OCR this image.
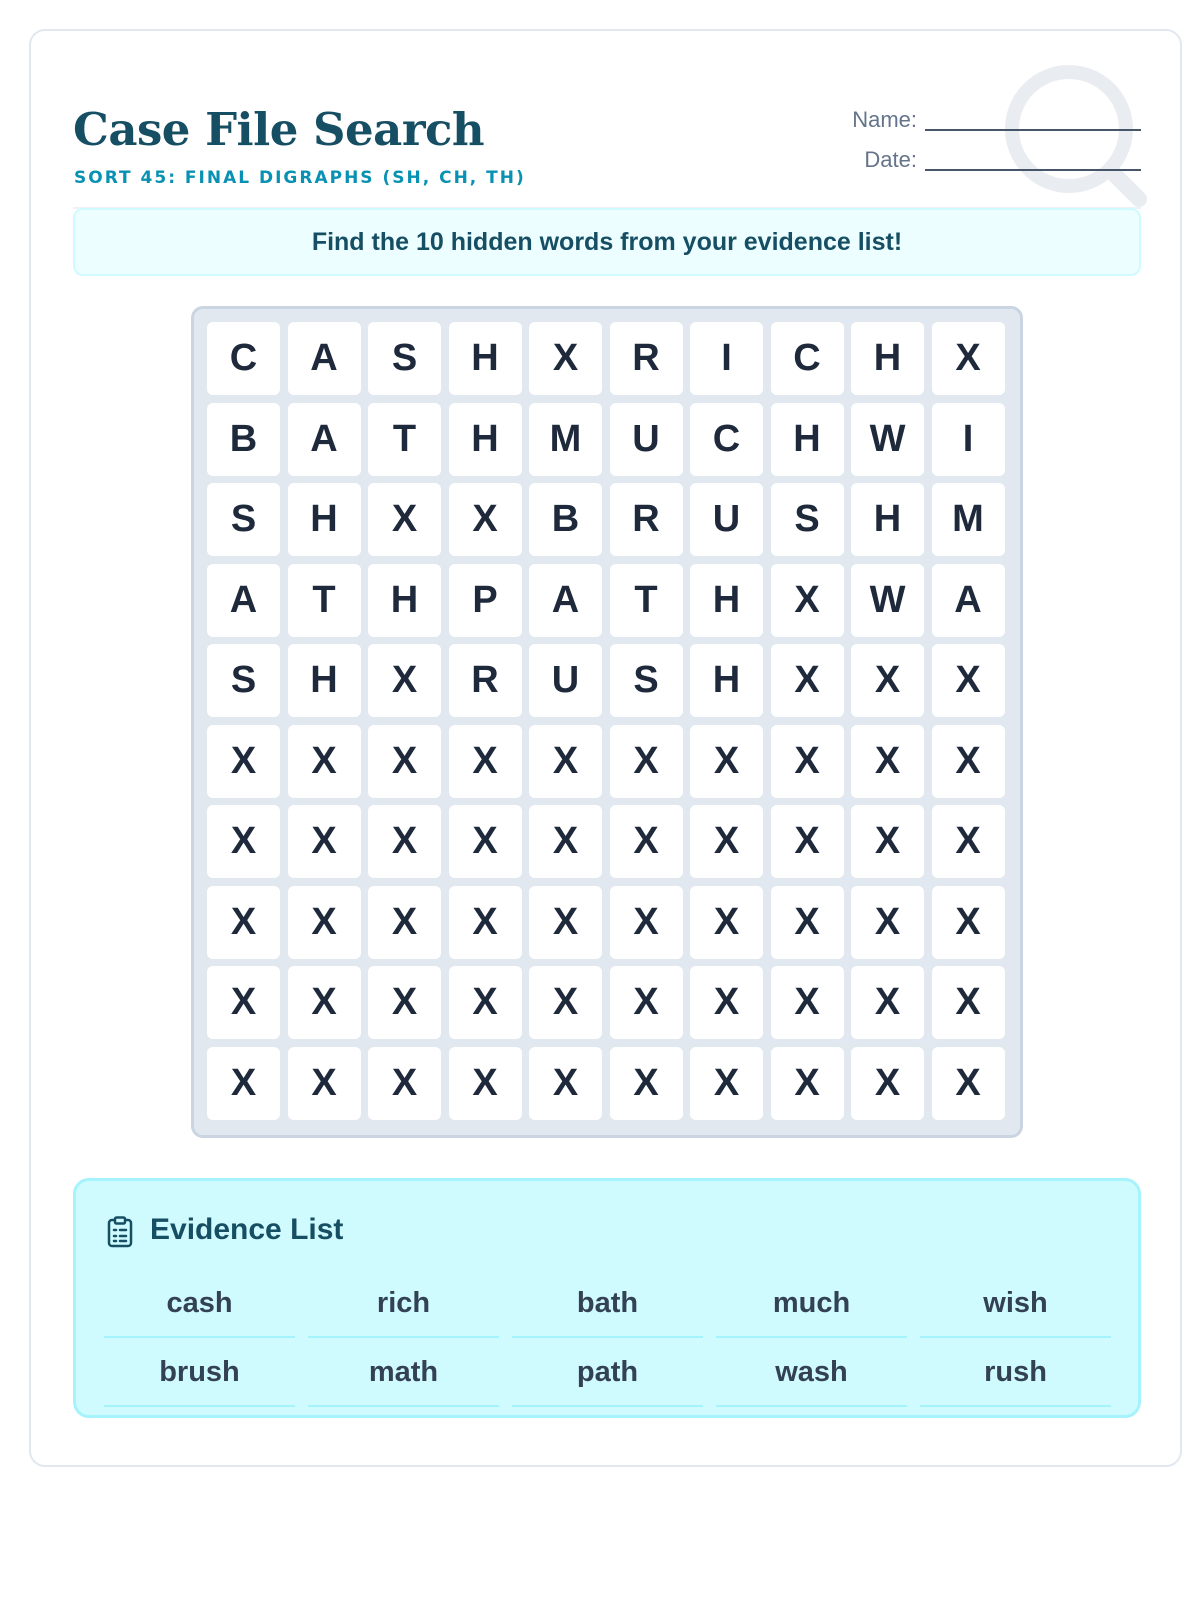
Case File Search
SORT 45: FINAL DIGRAPHS (SH, CH, TH)
Name:
Date:
Find the 10 hidden words from your evidence list!
C	A	S	H	X	R	I	C	H	X
B	A	T	H	M	U	C	H	W	I
S	H	X	X	B	R	U	S	H	M
A	T	H	P	A	T	H	X	W	A
S	H	X	R	U	S	H	X	X	X
X	X	X	X	X	X	X	X	X	X
X	X	X	X	X	X	X	X	X	X
X	X	X	X	X	X	X	X	X	X
X	X	X	X	X	X	X	X	X	X
X	X	X	X	X	X	X	X	X	X
Evidence List
cash	rich	bath	much	wish
brush	math	path	wash	rush
